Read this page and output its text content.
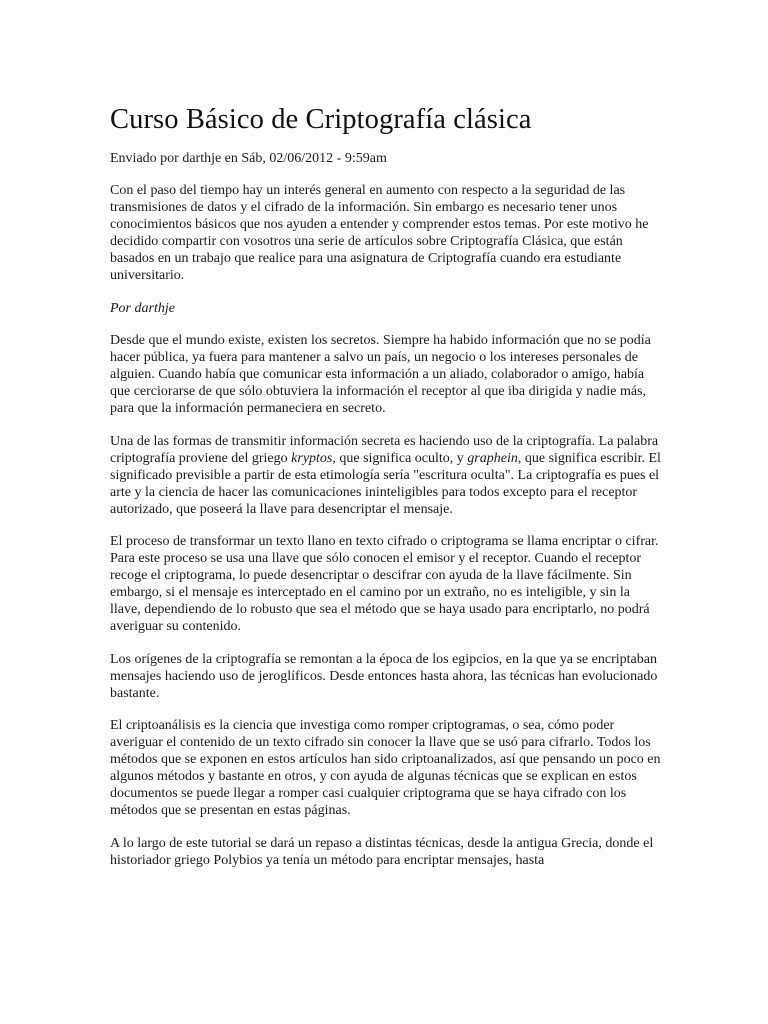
Curso Básico de Criptografía clásica
Enviado por darthje en Sáb, 02/06/2012 - 9:59am

Con el paso del tiempo hay un interés general en aumento con respecto a la seguridad de las transmisiones de datos y el cifrado de la información. Sin embargo es necesario tener unos conocimientos básicos que nos ayuden a entender y comprender estos temas. Por este motivo he decidido compartir con vosotros una serie de artículos sobre Criptografía Clásica, que están basados en un trabajo que realice para una asignatura de Criptografía cuando era estudiante universitario.

Por darthje

Desde que el mundo existe, existen los secretos. Siempre ha habido información que no se podía hacer pública, ya fuera para mantener a salvo un país, un negocio o los intereses personales de alguien. Cuando había que comunicar esta información a un aliado, colaborador o amigo, había que cerciorarse de que sólo obtuviera la información el receptor al que iba dirigida y nadie más, para que la información permaneciera en secreto.

Una de las formas de transmitir información secreta es haciendo uso de la criptografía. La palabra criptografía proviene del griego kryptos, que significa oculto, y graphein, que significa escribir. El significado previsible a partir de esta etimología sería "escritura oculta". La criptografía es pues el arte y la ciencia de hacer las comunicaciones ininteligibles para todos excepto para el receptor autorizado, que poseerá la llave para desencriptar el mensaje.

El proceso de transformar un texto llano en texto cifrado o criptograma se llama encriptar o cifrar. Para este proceso se usa una llave que sólo conocen el emisor y el receptor. Cuando el receptor recoge el criptograma, lo puede desencriptar o descifrar con ayuda de la llave fácilmente. Sin embargo, si el mensaje es interceptado en el camino por un extraño, no es inteligible, y sin la llave, dependiendo de lo robusto que sea el método que se haya usado para encriptarlo, no podrá averiguar su contenido.

Los orígenes de la criptografía se remontan a la época de los egipcios, en la que ya se encriptaban mensajes haciendo uso de jeroglíficos. Desde entonces hasta ahora, las técnicas han evolucionado bastante.

El criptoanálisis es la ciencia que investiga como romper criptogramas, o sea, cómo poder averiguar el contenido de un texto cifrado sin conocer la llave que se usó para cifrarlo. Todos los métodos que se exponen en estos artículos han sido criptoanalizados, así que pensando un poco en algunos métodos y bastante en otros, y con ayuda de algunas técnicas que se explican en estos documentos se puede llegar a romper casi cualquier criptograma que se haya cifrado con los métodos que se presentan en estas páginas.

A lo largo de este tutorial se dará un repaso a distintas técnicas, desde la antigua Grecia, donde el historiador griego Polybios ya tenía un método para encriptar mensajes, hasta
